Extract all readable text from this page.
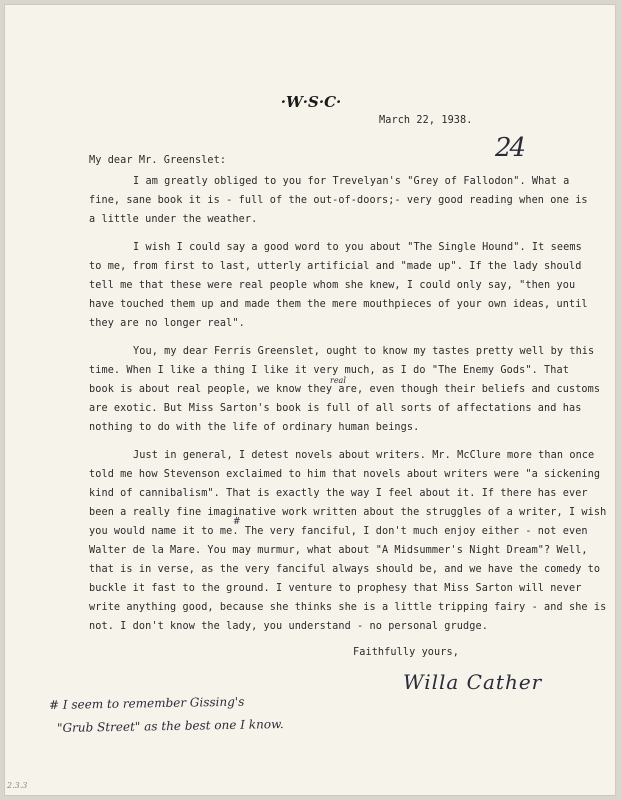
·W·S·C·
March 22, 1938.
24
My dear Mr. Greenslet:
I am greatly obliged to you for Trevelyan's "Grey of Fallodon". What a
fine, sane book it is - full of the out-of-doors;- very good reading when one is
a little under the weather.
I wish I could say a good word to you about "The Single Hound". It seems
to me, from first to last, utterly artificial and "made up". If the lady should
tell me that these were real people whom she knew, I could only say, "then you
have touched them up and made them the mere mouthpieces of your own ideas, until
they are no longer real".
You, my dear Ferris Greenslet, ought to know my tastes pretty well by this
time. When I like a thing I like it very much, as I do "The Enemy Gods". That
real
book is about real people, we know they are, even though their beliefs and customs
are exotic. But Miss Sarton's book is full of all sorts of affectations and has
nothing to do with the life of ordinary human beings.
Just in general, I detest novels about writers. Mr. McClure more than once
told me how Stevenson exclaimed to him that novels about writers were "a sickening
kind of cannibalism". That is exactly the way I feel about it. If there has ever
been a really fine imaginative work written about the struggles of a writer, I wish
#
you would name it to me. The very fanciful, I don't much enjoy either - not even
Walter de la Mare. You may murmur, what about "A Midsummer's Night Dream"? Well,
that is in verse, as the very fanciful always should be, and we have the comedy to
buckle it fast to the ground. I venture to prophesy that Miss Sarton will never
write anything good, because she thinks she is a little tripping fairy - and she is
not. I don't know the lady, you understand - no personal grudge.
Faithfully yours,
Willa Cather
# I seem to remember Gissing's
"Grub Street" as the best one I know.
2.3.3
